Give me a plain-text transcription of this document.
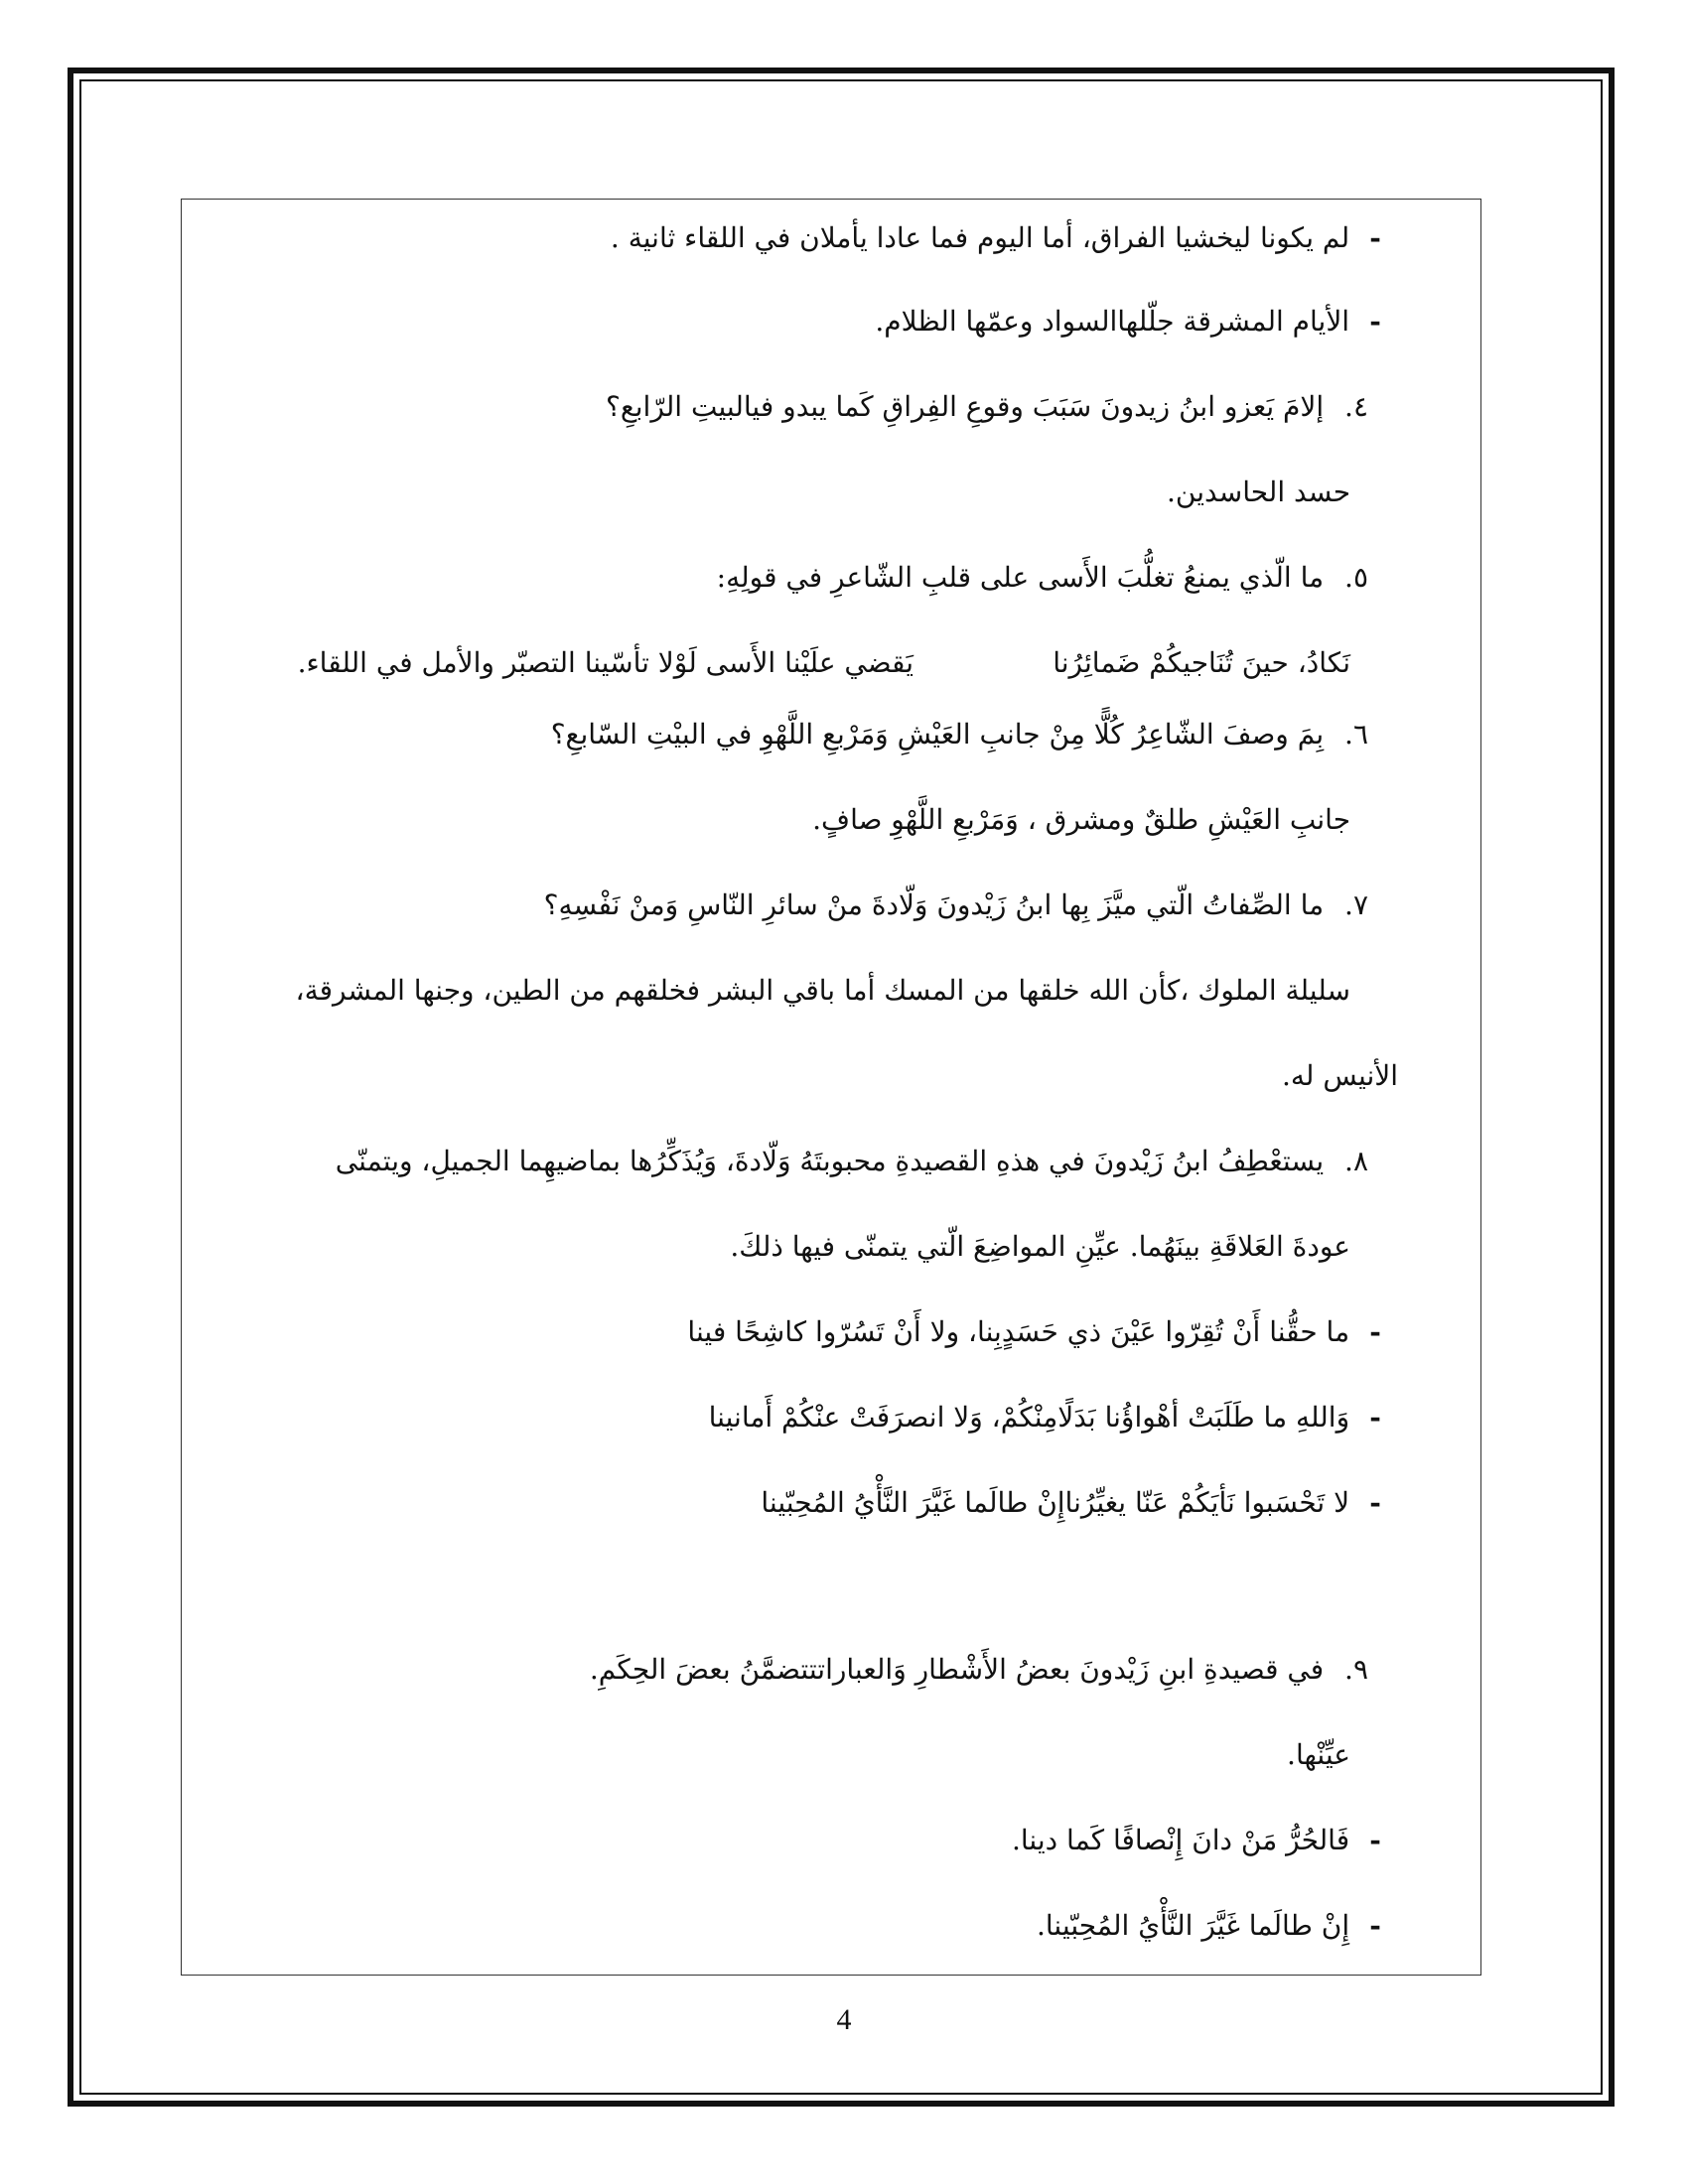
- لم يكونا ليخشيا الفراق، أما اليوم فما عادا يأملان في اللقاء ثانية .
- الأيام المشرقة جلّلهاالسواد وعمّها الظلام.
٤. إلامَ يَعزو ابنُ زيدونَ سَبَبَ وقوعِ الفِراقِ كَما يبدو فيالبيتِ الرّابعِ؟
حسد الحاسدين.
٥. ما الّذي يمنعُ تغلُّبَ الأَسى على قلبِ الشّاعرِ في قولِهِ:
نَكادُ، حينَ تُنَاجيكُمْ ضَمائِرُنا
يَقضي علَيْنا الأَسى لَوْلا تأسّينا التصبّر والأمل في اللقاء.
٦. بِمَ وصفَ الشّاعِرُ كُلًّا مِنْ جانبِ العَيْشِ وَمَرْبعِ اللَّهْوِ في البيْتِ السّابعِ؟
جانبِ العَيْشِ طلقٌ ومشرق ، وَمَرْبعِ اللَّهْوِ صافٍ.
٧. ما الصِّفاتُ الّتي ميَّزَ بِها ابنُ زَيْدونَ وَلّادةَ منْ سائرِ النّاسِ وَمنْ نَفْسِهِ؟
سليلة الملوك ،كأن الله خلقها من المسك أما باقي البشر فخلقهم من الطين، وجنها المشرقة،
الأنيس له.
٨. يستعْطِفُ ابنُ زَيْدونَ في هذهِ القصيدةِ محبوبتَهُ وَلّادةَ، وَيُذَكِّرُها بماضيهِما الجميلِ، ويتمنّى
عودةَ العَلاقَةِ بينَهُما. عيِّنِ المواضِعَ الّتي يتمنّى فيها ذلكَ.
- ما حقُّنا أَنْ تُقِرّوا عَيْنَ ذي حَسَدٍبِنا، ولا أَنْ تَسُرّوا كاشِحًا فينا
- وَاللهِ ما طَلَبَتْ أهْواؤُنا بَدَلًامِنْكُمْ، وَلا انصرَفَتْ عنْكُمْ أَمانينا
- لا تَحْسَبوا نَأيَكُمْ عَنّا يغيِّرُناإِنْ طالَما غَيَّرَ النَّأْيُ المُحِبّينا
٩. في قصيدةِ ابنِ زَيْدونَ بعضُ الأَشْطارِ وَالعباراتتتضمَّنُ بعضَ الحِكَمِ.
عيِّنْها.
- فَالحُرُّ مَنْ دانَ إِنْصافًا كَما دينا.
- إِنْ طالَما غَيَّرَ النَّأْيُ المُحِبّينا.
4
